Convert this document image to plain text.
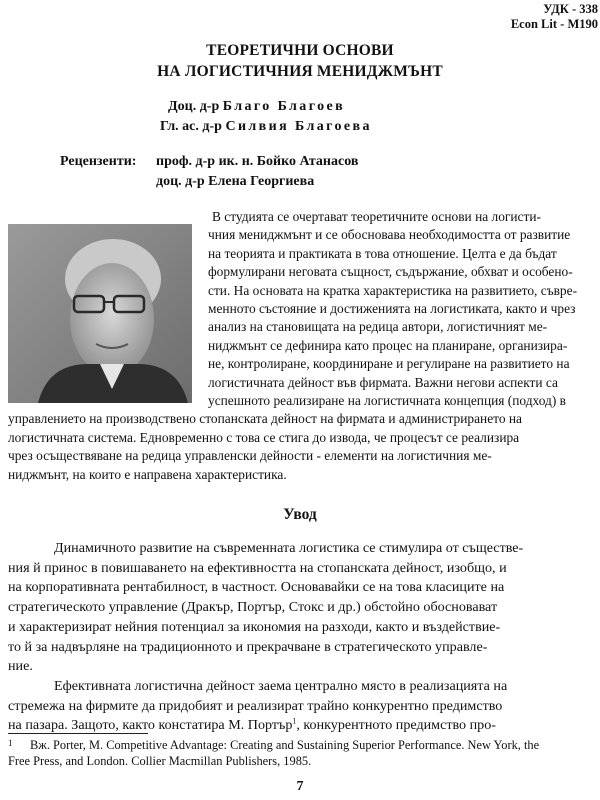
УДК - 338
Econ Lit - M190
ТЕОРЕТИЧНИ ОСНОВИ
НА ЛОГИСТИЧНИЯ МЕНИДЖМЪНТ
Доц. д-р Благо Благоев
Гл. ас. д-р Силвия Благоева
Рецензенти:	проф. д-р ик. н. Бойко Атанасов
доц. д-р Елена Георгиева
В студията се очертават теоретичните основи на логисти-
чния мениджмънт и се обосновава необходимостта от развитие
на теорията и практиката в това отношение. Целта е да бъдат
формулирани неговата същност, съдържание, обхват и особено-
сти. На основата на кратка характеристика на развитието, съвре-
менното състояние и достиженията на логистиката, както и чрез
анализ на становищата на редица автори, логистичният ме-
ниджмънт се дефинира като процес на планиране, организира-
не, контролиране, координиране и регулиране на развитието на
логистичната дейност във фирмата. Важни негови аспекти са
успешното реализиране на логистичната концепция (подход) в
управлението на производствено стопанската дейност на фирмата и администрирането на
логистичната система. Едновременно с това се стига до извода, че процесът се реализира
чрез осъществяване на редица управленски дейности - елементи на логистичния ме-
ниджмънт, на които е направена характеристика.
Увод
Динамичното развитие на съвременната логистика се стимулира от съществе-
ния й принос в повишаването на ефективността на стопанската дейност, изобщо, и
на корпоративната рентабилност, в частност. Основавайки се на това класиците на
стратегическото управление (Дракър, Портър, Стокс и др.) обстойно обосновават
и характеризират нейния потенциал за икономия на разходи, както и въздействие-
то й за надвърляне на традиционното и прекрачване в стратегическото управле-
ние.
Ефективната логистична дейност заема централно място в реализацията на
стремежа на фирмите да придобият и реализират трайно конкурентно предимство
на пазара. Защото, както констатира М. Портър$^1$, конкурентното предимство про-
1	Вж. Porter, M. Competitive Advantage: Creating and Sustaining Superior Performance. New York, the
Free Press, and London. Collier Macmillan Publishers, 1985.
7
